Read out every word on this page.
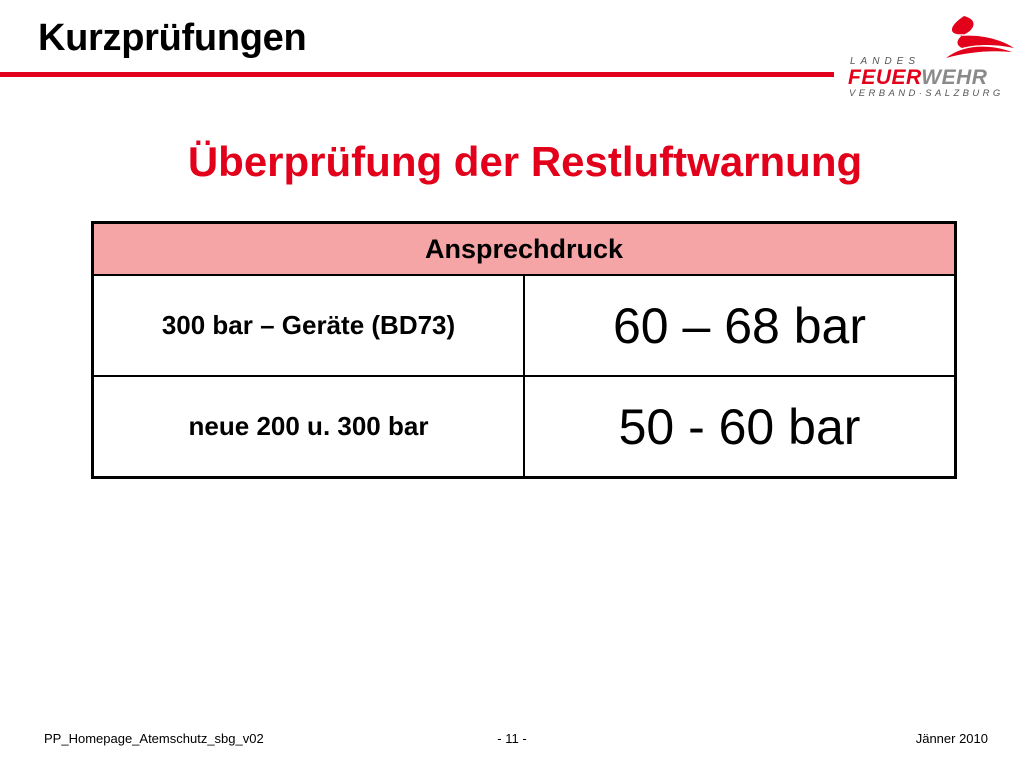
Kurzprüfungen
LANDES
FEUERWEHR
VERBAND·SALZBURG
Überprüfung der Restluftwarnung
Ansprechdruck	
300 bar – Geräte (BD73)	60 – 68 bar
neue 200 u. 300 bar	50 - 60 bar
PP_Homepage_Atemschutz_sbg_v02	- 11 -	Jänner 2010
